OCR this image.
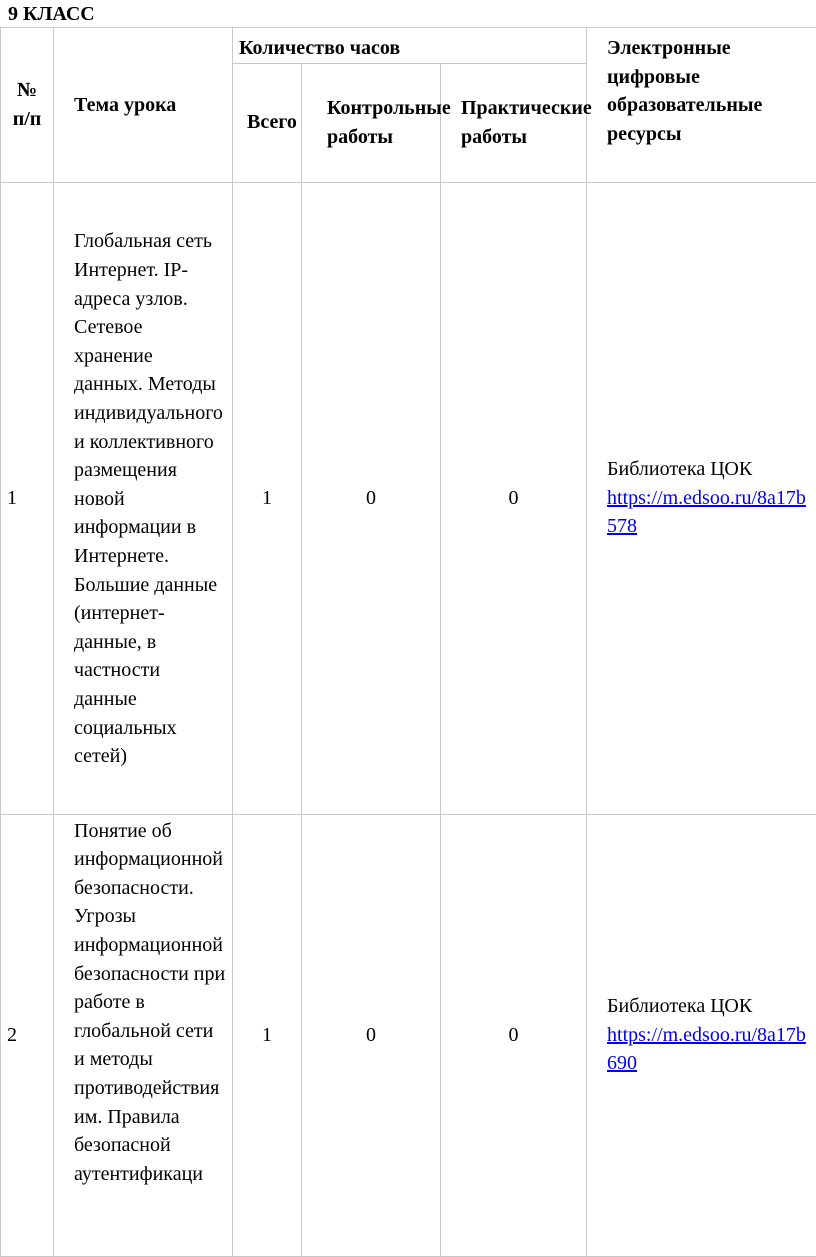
9 КЛАСС
№ п/п	Тема урока	Количество часов			Электронные цифровые образовательные ресурсы

		Всего	Контрольные работы	Практические работы	
1	Глобальная сеть Интернет. IP-адреса узлов. Сетевое хранение данных. Методы индивидуального и коллективного размещения новой информации в Интернете. Большие данные (интернет-данные, в частности данные социальных сетей)	1	0	0	Библиотека ЦОК
https://m.edsoo.ru/8a17b578
2	Понятие об информационной безопасности. Угрозы информационной безопасности при работе в глобальной сети и методы противодействия им. Правила безопасной аутентификаци	1	0	0	Библиотека ЦОК
https://m.edsoo.ru/8a17b690
